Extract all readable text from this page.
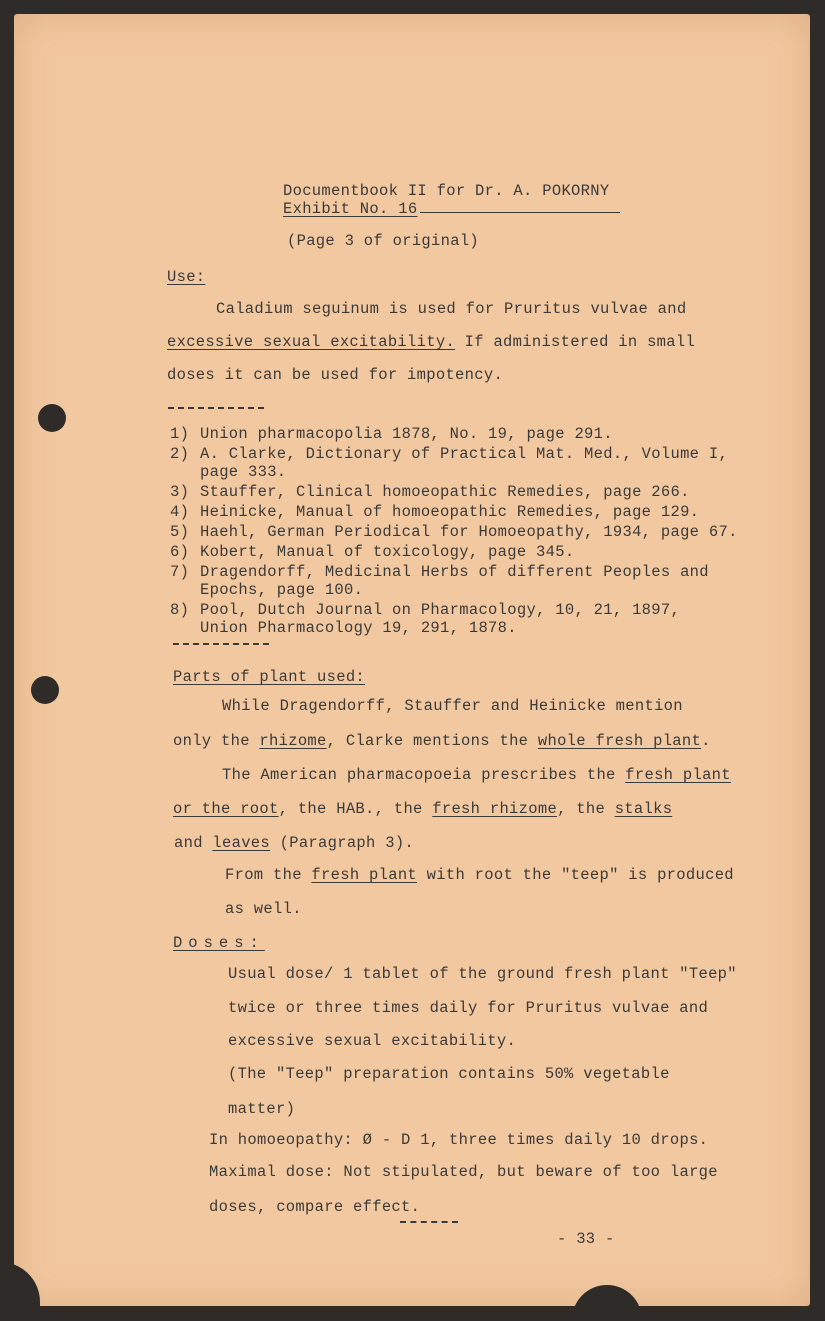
Documentbook II for Dr. A. POKORNY

Exhibit No. 16

(Page 3 of original)

Use:

Caladium seguinum is used for Pruritus vulvae and

excessive sexual excitability. If administered in small

doses it can be used for impotency.

1) Union pharmacopolia 1878, No. 19, page 291.
2) A. Clarke, Dictionary of Practical Mat. Med., Volume I,
page 333.
3) Stauffer, Clinical homoeopathic Remedies, page 266.
4) Heinicke, Manual of homoeopathic Remedies, page 129.
5) Haehl, German Periodical for Homoeopathy, 1934, page 67.
6) Kobert, Manual of toxicology, page 345.
7) Dragendorff, Medicinal Herbs of different Peoples and
Epochs, page 100.
8) Pool, Dutch Journal on Pharmacology, 10, 21, 1897,
Union Pharmacology 19, 291, 1878.

Parts of plant used:

While Dragendorff, Stauffer and Heinicke mention

only the rhizome, Clarke mentions the whole fresh plant.

The American pharmacopoeia prescribes the fresh plant

or the root, the HAB., the fresh rhizome, the stalks

and leaves (Paragraph 3).

From the fresh plant with root the "teep" is produced

as well.

Doses:

Usual dose/ 1 tablet of the ground fresh plant "Teep"

twice or three times daily for Pruritus vulvae and

excessive sexual excitability.

(The "Teep" preparation contains 50% vegetable

matter)

In homoeopathy: Ø - D 1, three times daily 10 drops.

Maximal dose: Not stipulated, but beware of too large

doses, compare effect.

- 33 -
